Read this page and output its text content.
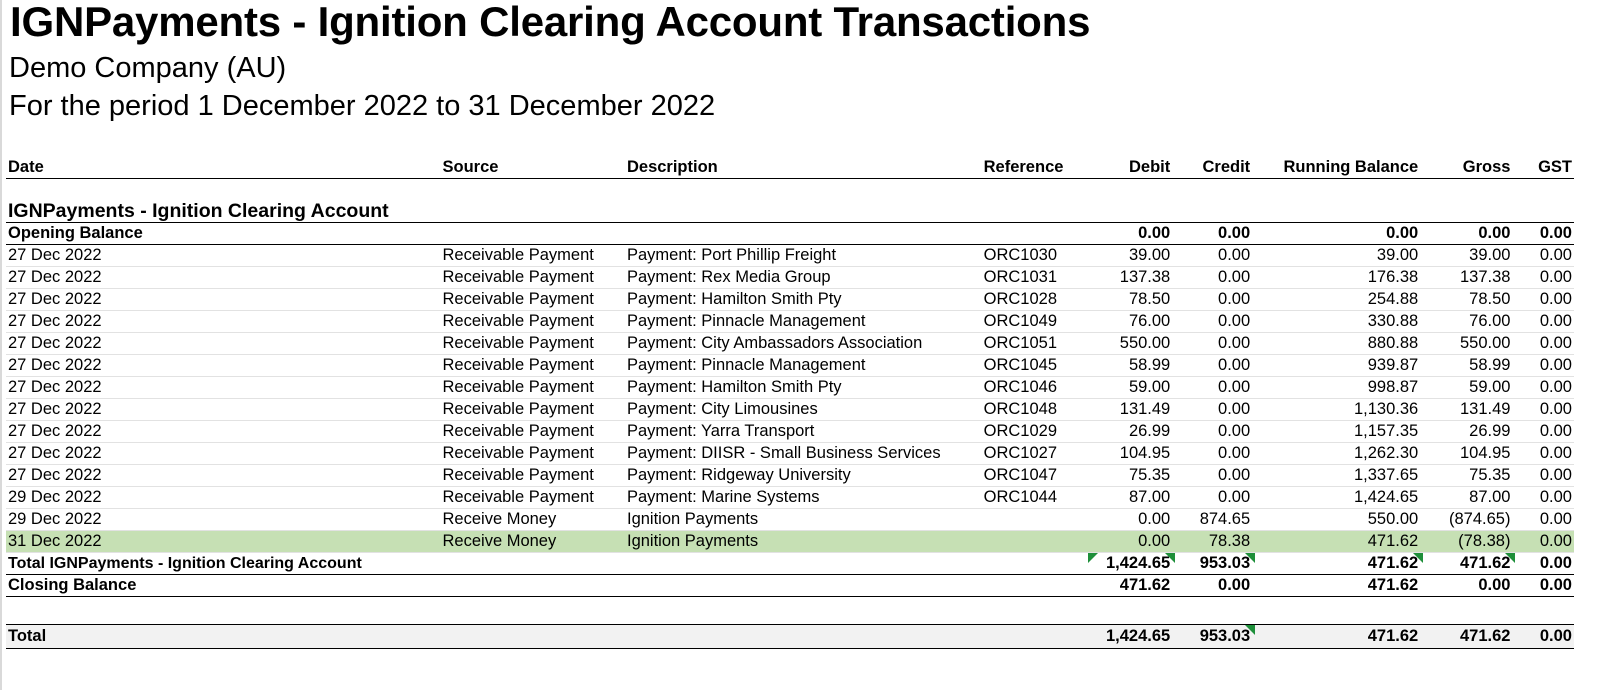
IGNPayments - Ignition Clearing Account Transactions
Demo Company (AU)
For the period 1 December 2022 to 31 December 2022
Date	Source	Description	Reference	Debit	Credit	Running Balance	Gross	GST

IGNPayments - Ignition Clearing Account								
Opening Balance				0.00	0.00	0.00	0.00	0.00
27 Dec 2022	Receivable Payment	Payment: Port Phillip Freight	ORC1030	39.00	0.00	39.00	39.00	0.00
27 Dec 2022	Receivable Payment	Payment: Rex Media Group	ORC1031	137.38	0.00	176.38	137.38	0.00
27 Dec 2022	Receivable Payment	Payment: Hamilton Smith Pty	ORC1028	78.50	0.00	254.88	78.50	0.00
27 Dec 2022	Receivable Payment	Payment: Pinnacle Management	ORC1049	76.00	0.00	330.88	76.00	0.00
27 Dec 2022	Receivable Payment	Payment: City Ambassadors Association	ORC1051	550.00	0.00	880.88	550.00	0.00
27 Dec 2022	Receivable Payment	Payment: Pinnacle Management	ORC1045	58.99	0.00	939.87	58.99	0.00
27 Dec 2022	Receivable Payment	Payment: Hamilton Smith Pty	ORC1046	59.00	0.00	998.87	59.00	0.00
27 Dec 2022	Receivable Payment	Payment: City Limousines	ORC1048	131.49	0.00	1,130.36	131.49	0.00
27 Dec 2022	Receivable Payment	Payment: Yarra Transport	ORC1029	26.99	0.00	1,157.35	26.99	0.00
27 Dec 2022	Receivable Payment	Payment: DIISR - Small Business Services	ORC1027	104.95	0.00	1,262.30	104.95	0.00
27 Dec 2022	Receivable Payment	Payment: Ridgeway University	ORC1047	75.35	0.00	1,337.65	75.35	0.00
29 Dec 2022	Receivable Payment	Payment: Marine Systems	ORC1044	87.00	0.00	1,424.65	87.00	0.00
29 Dec 2022	Receive Money	Ignition Payments		0.00	874.65	550.00	(874.65)	0.00
31 Dec 2022	Receive Money	Ignition Payments		0.00	78.38	471.62	(78.38)	0.00
Total IGNPayments - Ignition Clearing Account				1,424.65	953.03	471.62	471.62	0.00
Closing Balance				471.62	0.00	471.62	0.00	0.00

Total				1,424.65	953.03	471.62	471.62	0.00
